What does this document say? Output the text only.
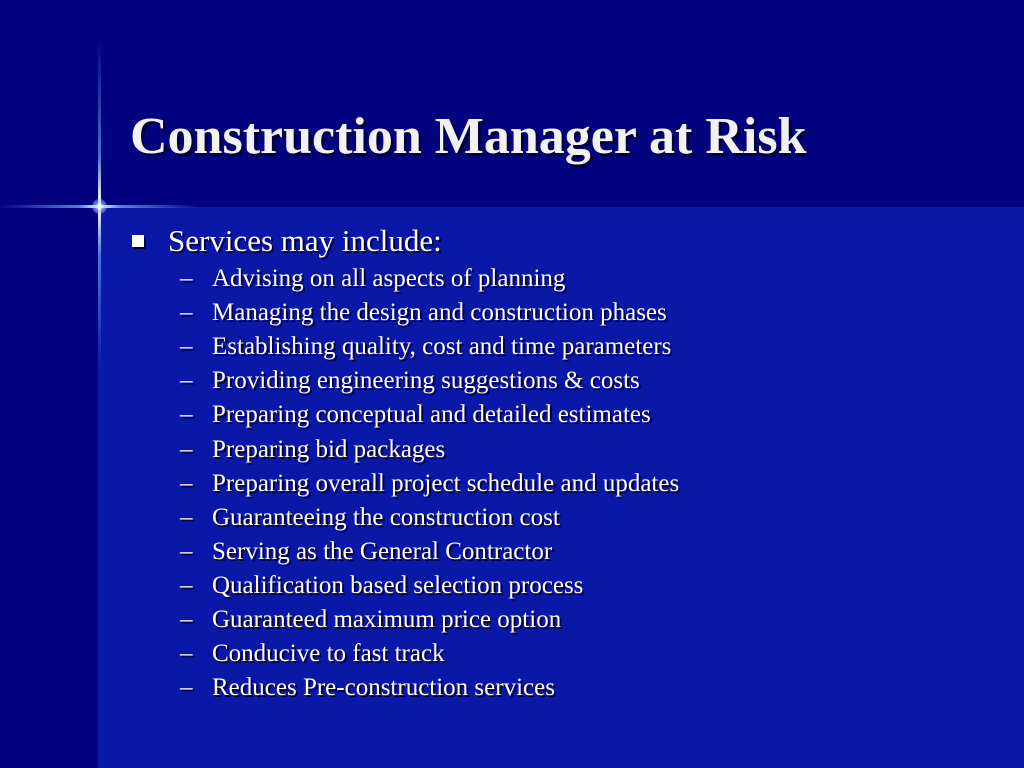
Construction Manager at Risk
Services may include:
– Advising on all aspects of planning
– Managing the design and construction phases
– Establishing quality, cost and time parameters
– Providing engineering suggestions & costs
– Preparing conceptual and detailed estimates
– Preparing bid packages
– Preparing overall project schedule and updates
– Guaranteeing the construction cost
– Serving as the General Contractor
– Qualification based selection process
– Guaranteed maximum price option
– Conducive to fast track
– Reduces Pre-construction services
